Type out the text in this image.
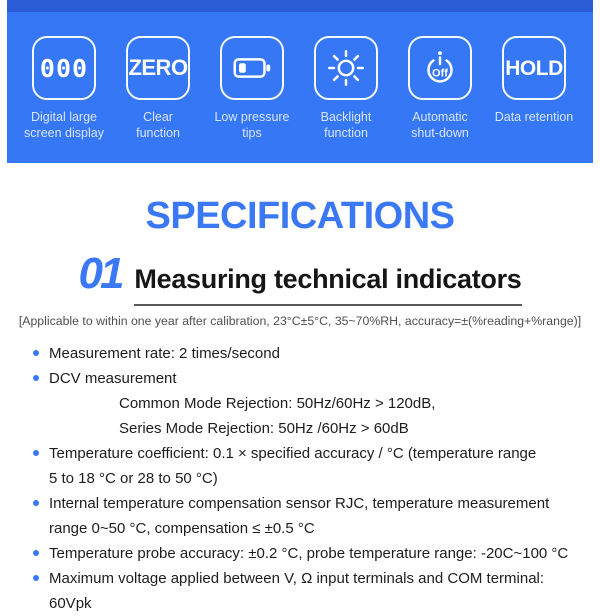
000
Digital large
screen display
ZERO
Clear
function
Low pressure
tips
Backlight
function
Off
Automatic
shut-down
HOLD
Data retention
SPECIFICATIONS
01 Measuring technical indicators
[Applicable to within one year after calibration, 23°C±5°C, 35~70%RH, accuracy=±(%reading+%range)]
Measurement rate: 2 times/second
DCV measurement
Common Mode Rejection: 50Hz/60Hz > 120dB,
Series Mode Rejection: 50Hz /60Hz > 60dB
Temperature coefficient: 0.1 × specified accuracy / °C (temperature range
5 to 18 °C or 28 to 50 °C)
Internal temperature compensation sensor RJC, temperature measurement
range 0~50 °C, compensation ≤ ±0.5 °C
Temperature probe accuracy: ±0.2 °C, probe temperature range: -20C~100 °C
Maximum voltage applied between V, Ω input terminals and COM terminal: 60Vpk
